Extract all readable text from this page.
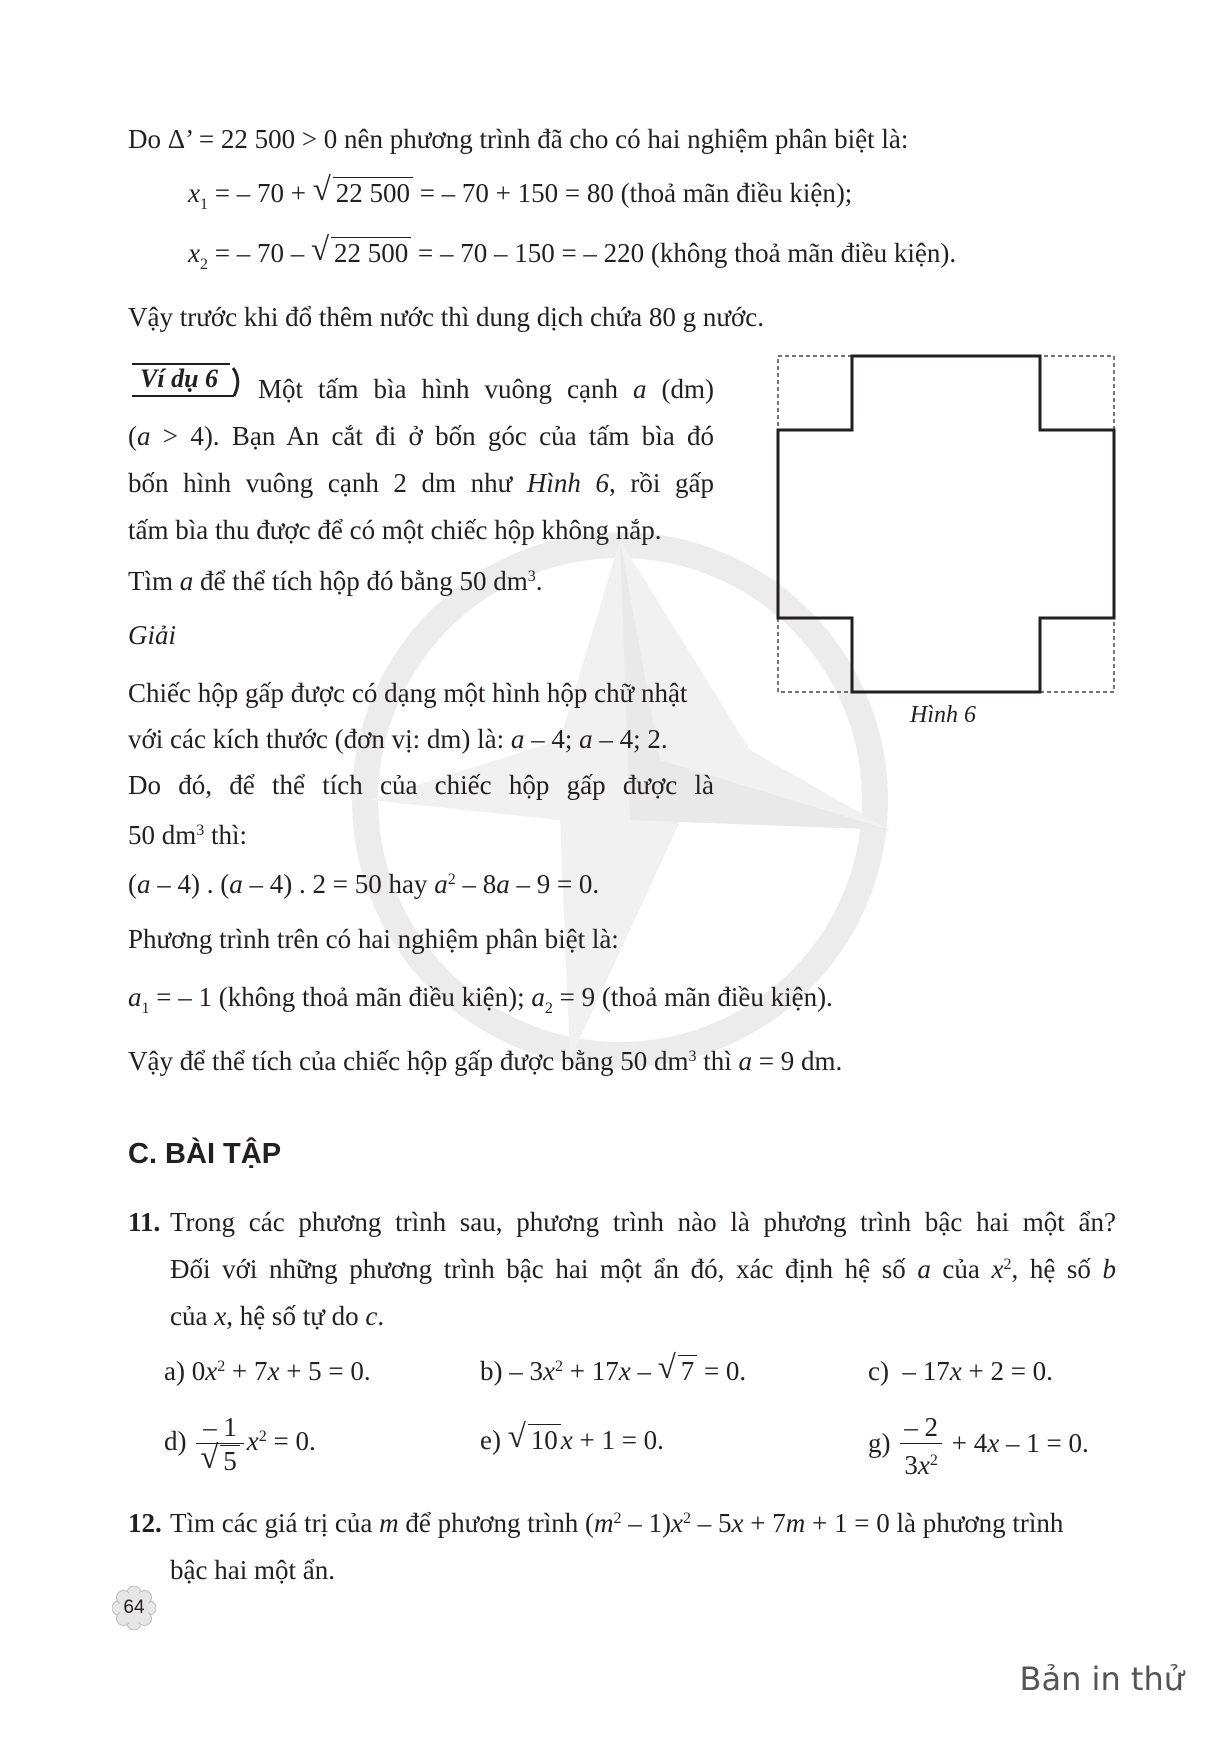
Do Δ’ = 22 500 > 0 nên phương trình đã cho có hai nghiệm phân biệt là:
$x_1$ = – 70 + √ 22 500 = – 70 + 150 = 80 (thoả mãn điều kiện);
$x_2$ = – 70 – √ 22 500 = – 70 – 150 = – 220 (không thoả mãn điều kiện).
Vậy trước khi đổ thêm nước thì dung dịch chứa 80 g nước.
Ví dụ 6 Một tấm bìa hình vuông cạnh a (dm)
(a > 4). Bạn An cắt đi ở bốn góc của tấm bìa đó
bốn hình vuông cạnh 2 dm như Hình 6, rồi gấp
tấm bìa thu được để có một chiếc hộp không nắp.
Tìm a để thể tích hộp đó bằng 50 $dm^3$.
Giải
Chiếc hộp gấp được có dạng một hình hộp chữ nhật
với các kích thước (đơn vị: dm) là: a – 4; a – 4; 2.
Do đó, để thể tích của chiếc hộp gấp được là
50 $dm^3$ thì:
(a – 4) . (a – 4) . 2 = 50 hay $a^2 - 8a - 9 = 0$.
Phương trình trên có hai nghiệm phân biệt là:
$a_1$ = – 1 (không thoả mãn điều kiện); $a_2 = 9$ (thoả mãn điều kiện).
Vậy để thể tích của chiếc hộp gấp được bằng 50 $dm^3$ thì a = 9 dm.
Hình 6
C. BÀI TẬP
11. Trong các phương trình sau, phương trình nào là phương trình bậc hai một ẩn?
Đối với những phương trình bậc hai một ẩn đó, xác định hệ số a của $x^2$, hệ số b
của x, hệ số tự do c.
a) $0x^2 + 7x + 5 = 0$.	$b) - 3x^2 + 17x$ – √ 7 = 0.	c)  – 17x + 2 = 0.
$d) \frac{- 1}{√ 5} x^2 = 0$.	e) √ 10 x + 1 = 0.	$g) \frac{- 2}{3x^2} + 4x - 1 = 0$.
12. Tìm các giá trị của m để phương trình $(m^2 - 1)x^2 - 5x + 7m + 1 = 0$ là phương trình
bậc hai một ẩn.
64
Bản in thử
